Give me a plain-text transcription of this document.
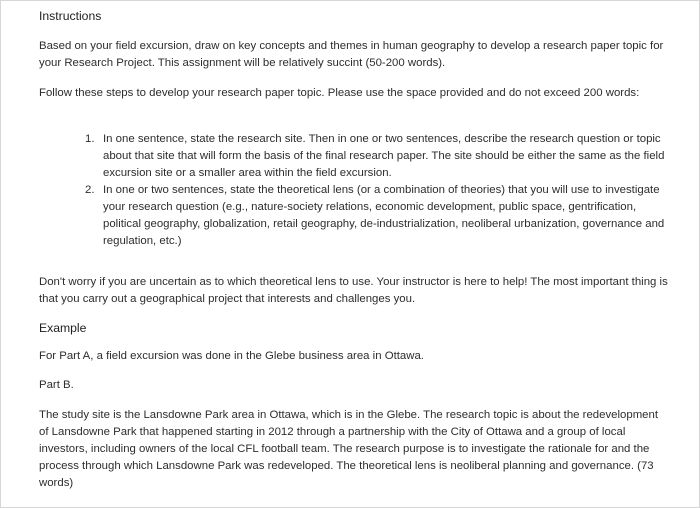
Instructions

Based on your field excursion, draw on key concepts and themes in human geography to develop a research paper topic for your Research Project. This assignment will be relatively succint (50-200 words).

Follow these steps to develop your research paper topic. Please use the space provided and do not exceed 200 words:

1. In one sentence, state the research site. Then in one or two sentences, describe the research question or topic about that site that will form the basis of the final research paper. The site should be either the same as the field excursion site or a smaller area within the field excursion.
2. In one or two sentences, state the theoretical lens (or a combination of theories) that you will use to investigate your research question (e.g., nature-society relations, economic development, public space, gentrification, political geography, globalization, retail geography, de-industrialization, neoliberal urbanization, governance and regulation, etc.)

Don't worry if you are uncertain as to which theoretical lens to use. Your instructor is here to help! The most important thing is that you carry out a geographical project that interests and challenges you.

Example

For Part A, a field excursion was done in the Glebe business area in Ottawa.

Part B.

The study site is the Lansdowne Park area in Ottawa, which is in the Glebe. The research topic is about the redevelopment of Lansdowne Park that happened starting in 2012 through a partnership with the City of Ottawa and a group of local investors, including owners of the local CFL football team. The research purpose is to investigate the rationale for and the process through which Lansdowne Park was redeveloped. The theoretical lens is neoliberal planning and governance. (73 words)
